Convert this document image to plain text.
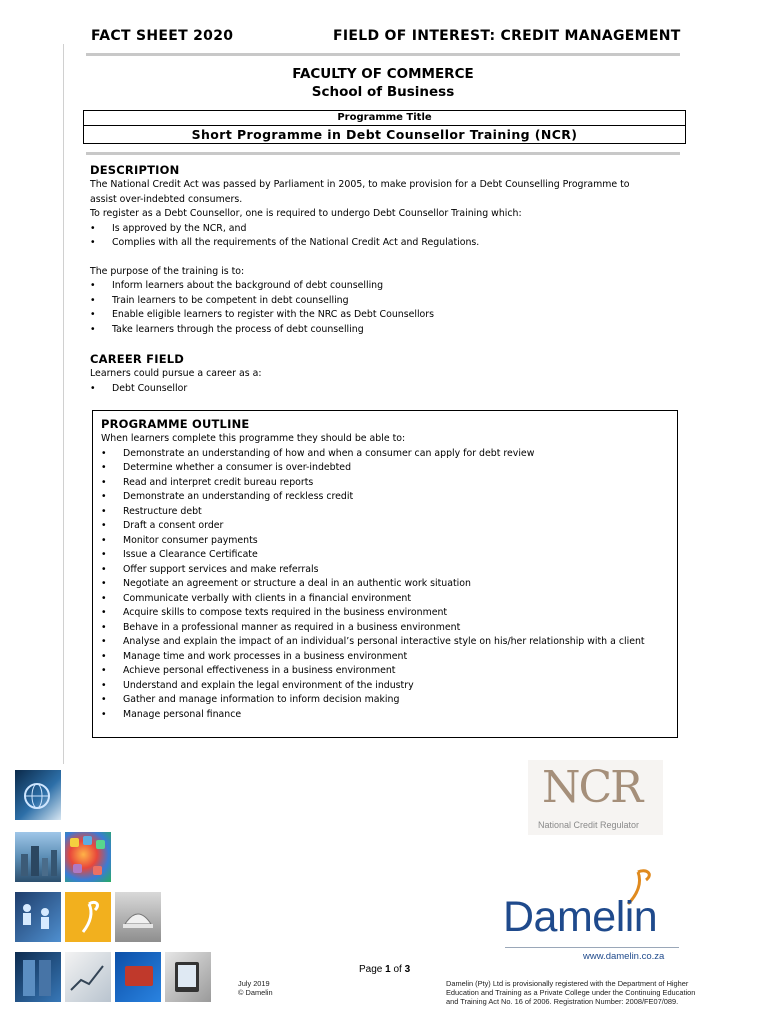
FACT SHEET 2020	FIELD OF INTEREST: CREDIT MANAGEMENT
FACULTY OF COMMERCE
School of Business
Programme Title
Short Programme in Debt Counsellor Training (NCR)
DESCRIPTION
The National Credit Act was passed by Parliament in 2005, to make provision for a Debt Counselling Programme to
assist over-indebted consumers.
To register as a Debt Counsellor, one is required to undergo Debt Counsellor Training which:
• Is approved by the NCR, and
• Complies with all the requirements of the National Credit Act and Regulations.
The purpose of the training is to:
• Inform learners about the background of debt counselling
• Train learners to be competent in debt counselling
• Enable eligible learners to register with the NRC as Debt Counsellors
• Take learners through the process of debt counselling
CAREER FIELD
Learners could pursue a career as a:
• Debt Counsellor
PROGRAMME OUTLINE
When learners complete this programme they should be able to:
• Demonstrate an understanding of how and when a consumer can apply for debt review
• Determine whether a consumer is over-indebted
• Read and interpret credit bureau reports
• Demonstrate an understanding of reckless credit
• Restructure debt
• Draft a consent order
• Monitor consumer payments
• Issue a Clearance Certificate
• Offer support services and make referrals
• Negotiate an agreement or structure a deal in an authentic work situation
• Communicate verbally with clients in a financial environment
• Acquire skills to compose texts required in the business environment
• Behave in a professional manner as required in a business environment
• Analyse and explain the impact of an individual’s personal interactive style on his/her relationship with a client
• Manage time and work processes in a business environment
• Achieve personal effectiveness in a business environment
• Understand and explain the legal environment of the industry
• Gather and manage information to inform decision making
• Manage personal finance
NCR
National Credit Regulator
Damelin
www.damelin.co.za
July 2019
© Damelin
Page 1 of 3
Damelin (Pty) Ltd is provisionally registered with the Department of Higher
Education and Training as a Private College under the Continuing Education
and Training Act No. 16 of 2006. Registration Number: 2008/FE07/089.
